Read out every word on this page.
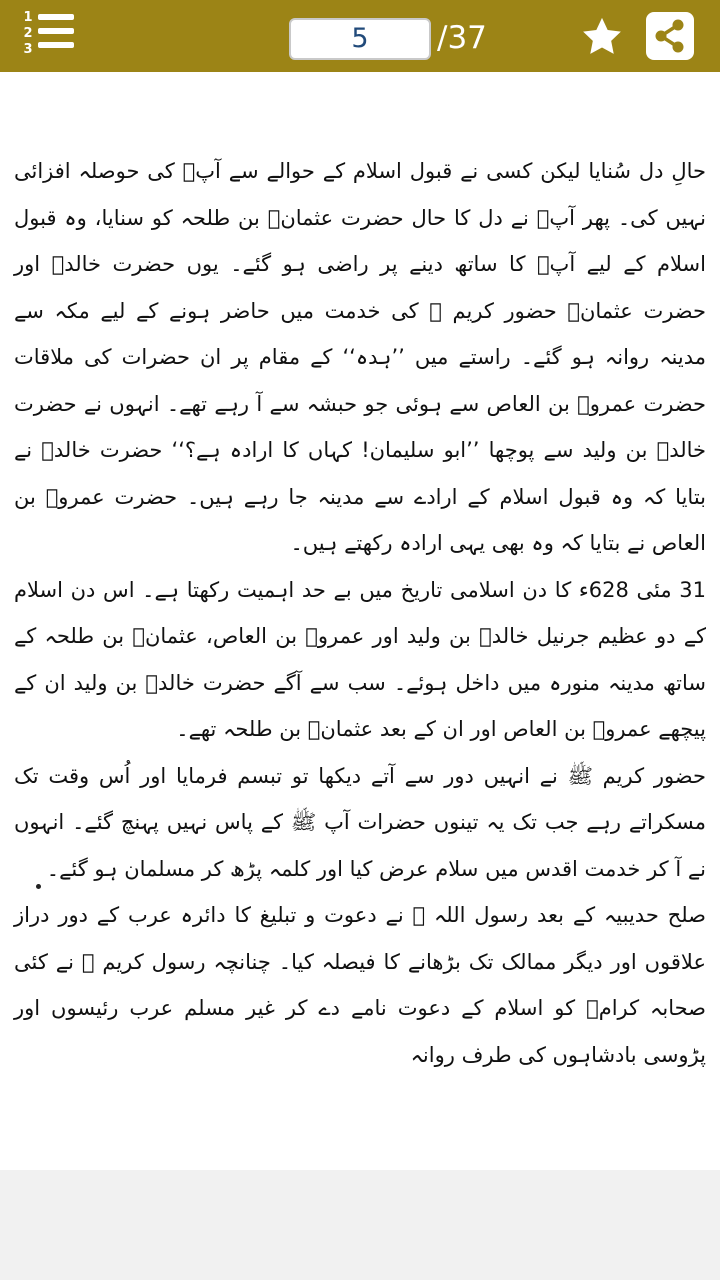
1
2
3	5	/37

حالِ دل سُنایا لیکن کسی نے قبول اسلام کے حوالے سے آپؐ کی حوصلہ افزائی نہیں کی۔ پھر آپؐ نے دل کا حال حضرت عثمانؓ بن طلحہ کو سنایا، وہ قبول اسلام کے لیے آپؐ کا ساتھ دینے پر راضی ہو گئے۔ یوں حضرت خالدؓ اور حضرت عثمانؓ حضور کریم ﷺ کی خدمت میں حاضر ہونے کے لیے مکہ سے مدینہ روانہ ہو گئے۔ راستے میں ’’ہدہ‘‘ کے مقام پر ان حضرات کی ملاقات حضرت عمروؓ بن العاص سے ہوئی جو حبشہ سے آ رہے تھے۔ انہوں نے حضرت خالدؓ بن ولید سے پوچھا ’’ابو سلیمان! کہاں کا ارادہ ہے؟‘‘ حضرت خالدؓ نے بتایا کہ وہ قبول اسلام کے ارادے سے مدینہ جا رہے ہیں۔ حضرت عمروؓ بن العاص نے بتایا کہ وہ بھی یہی ارادہ رکھتے ہیں۔

31 مئی 628ء کا دن اسلامی تاریخ میں بے حد اہمیت رکھتا ہے۔ اس دن اسلام کے دو عظیم جرنیل خالدؓ بن ولید اور عمروؓ بن العاص، عثمانؓ بن طلحہ کے ساتھ مدینہ منورہ میں داخل ہوئے۔ سب سے آگے حضرت خالدؓ بن ولید ان کے پیچھے عمروؓ بن العاص اور ان کے بعد عثمانؓ بن طلحہ تھے۔

حضور کریم ﷺ نے انہیں دور سے آتے دیکھا تو تبسم فرمایا اور اُس وقت تک مسکراتے رہے جب تک یہ تینوں حضرات آپ ﷺ کے پاس نہیں پہنچ گئے۔ انہوں نے آ کر خدمت اقدس میں سلام عرض کیا اور کلمہ پڑھ کر مسلمان ہو گئے۔

صلح حدیبیہ کے بعد رسول اللہ ﷺ نے دعوت و تبلیغ کا دائرہ عرب کے دور دراز علاقوں اور دیگر ممالک تک بڑھانے کا فیصلہ کیا۔ چنانچہ رسول کریم ﷺ نے کئی صحابہ کرامؓ کو اسلام کے دعوت نامے دے کر غیر مسلم عرب رئیسوں اور پڑوسی بادشاہوں کی طرف روانہ
